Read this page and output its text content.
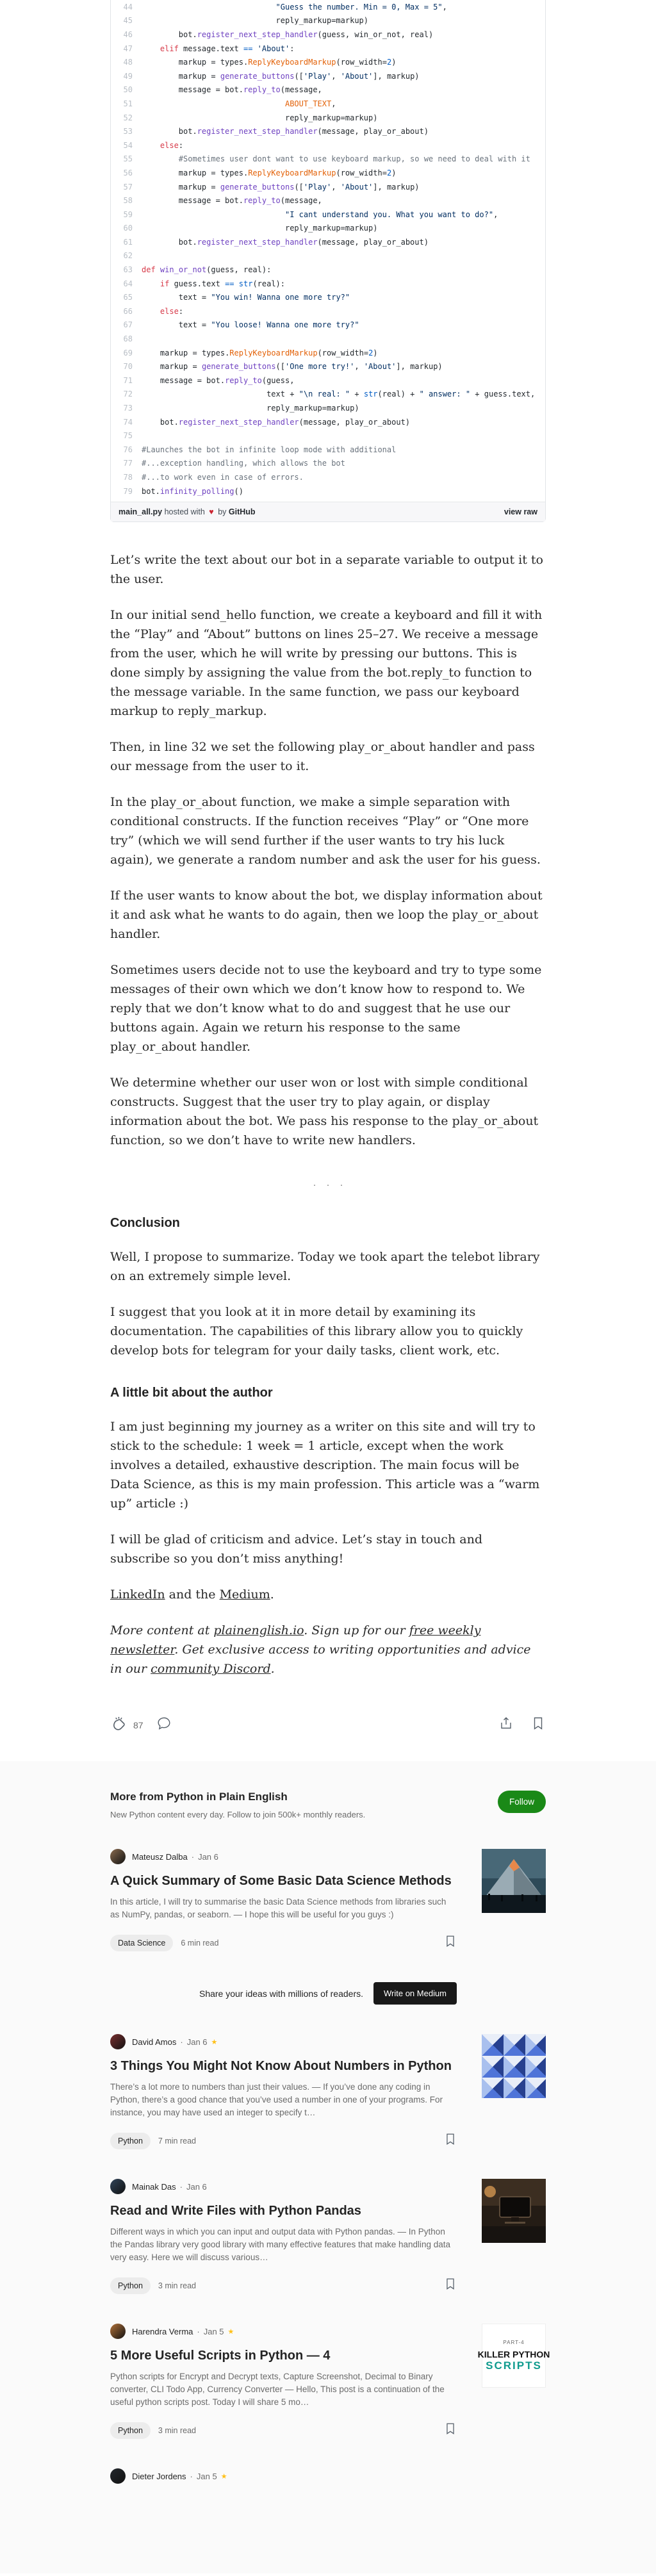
44	"Guess the number. Min = 0, Max = 5",
45	reply_markup=markup)
46	bot.register_next_step_handler(guess, win_or_not, real)
47	elif message.text == 'About':
48	markup = types.ReplyKeyboardMarkup(row_width=2)
49	markup = generate_buttons(['Play', 'About'], markup)
50	message = bot.reply_to(message,
51	ABOUT_TEXT,
52	reply_markup=markup)
53	bot.register_next_step_handler(message, play_or_about)
54	else:
55	#Sometimes user dont want to use keyboard markup, so we need to deal with it
56	markup = types.ReplyKeyboardMarkup(row_width=2)
57	markup = generate_buttons(['Play', 'About'], markup)
58	message = bot.reply_to(message,
59	"I cant understand you. What you want to do?",
60	reply_markup=markup)
61	bot.register_next_step_handler(message, play_or_about)
62
63	def win_or_not(guess, real):
64	if guess.text == str(real):
65	text = "You win! Wanna one more try?"
66	else:
67	text = "You loose! Wanna one more try?"
68
69	markup = types.ReplyKeyboardMarkup(row_width=2)
70	markup = generate_buttons(['One more try!', 'About'], markup)
71	message = bot.reply_to(guess,
72	text + "\n real: " + str(real) + " answer: " + guess.text,
73	reply_markup=markup)
74	bot.register_next_step_handler(message, play_or_about)
75
76	#Launches the bot in infinite loop mode with additional
77	#...exception handling, which allows the bot
78	#...to work even in case of errors.
79	bot.infinity_polling()
main_all.py hosted with ♥ by GitHub	view raw

Let’s write the text about our bot in a separate variable to output it to the user.

In our initial send_hello function, we create a keyboard and fill it with the “Play” and “About” buttons on lines 25–27. We receive a message from the user, which he will write by pressing our buttons. This is done simply by assigning the value from the bot.reply_to function to the message variable. In the same function, we pass our keyboard markup to reply_markup.

Then, in line 32 we set the following play_or_about handler and pass our message from the user to it.

In the play_or_about function, we make a simple separation with conditional constructs. If the function receives “Play” or “One more try” (which we will send further if the user wants to try his luck again), we generate a random number and ask the user for his guess.

If the user wants to know about the bot, we display information about it and ask what he wants to do again, then we loop the play_or_about handler.

Sometimes users decide not to use the keyboard and try to type some messages of their own which we don’t know how to respond to. We reply that we don’t know what to do and suggest that he use our buttons again. Again we return his response to the same play_or_about handler.

We determine whether our user won or lost with simple conditional constructs. Suggest that the user try to play again, or display information about the bot. We pass his response to the play_or_about function, so we don’t have to write new handlers.

···
Conclusion

Well, I propose to summarize. Today we took apart the telebot library on an extremely simple level.

I suggest that you look at it in more detail by examining its documentation. The capabilities of this library allow you to quickly develop bots for telegram for your daily tasks, client work, etc.

A little bit about the author

I am just beginning my journey as a writer on this site and will try to stick to the schedule: 1 week = 1 article, except when the work involves a detailed, exhaustive description. The main focus will be Data Science, as this is my main profession. This article was a “warm up” article :)

I will be glad of criticism and advice. Let’s stay in touch and subscribe so you don’t miss anything!

LinkedIn and the Medium.

More content at plainenglish.io. Sign up for our free weekly newsletter. Get exclusive access to writing opportunities and advice in our community Discord.

87
More from Python in Plain English
New Python content every day. Follow to join 500k+ monthly readers.
Follow
Mateusz Dalba · Jan 6
A Quick Summary of Some Basic Data Science Methods
In this article, I will try to summarise the basic Data Science methods from libraries such as NumPy, pandas, or seaborn. — I hope this will be useful for you guys :)
Data Science	6 min read
Share your ideas with millions of readers.	Write on Medium
David Amos · Jan 6 ★
3 Things You Might Not Know About Numbers in Python
There’s a lot more to numbers than just their values. — If you’ve done any coding in Python, there’s a good chance that you’ve used a number in one of your programs. For instance, you may have used an integer to specify t…
Python	7 min read
Mainak Das · Jan 6
Read and Write Files with Python Pandas
Different ways in which you can input and output data with Python pandas. — In Python the Pandas library very good library with many effective features that make handling data very easy. Here we will discuss various…
Python	3 min read
Harendra Verma · Jan 5 ★
5 More Useful Scripts in Python — 4
Python scripts for Encrypt and Decrypt texts, Capture Screenshot, Decimal to Binary converter, CLI Todo App, Currency Converter — Hello, This post is a continuation of the useful python scripts post. Today I will share 5 mo…
Python	3 min read
PART-4
KILLER PYTHON
SCRIPTS
Dieter Jordens · Jan 5 ★
